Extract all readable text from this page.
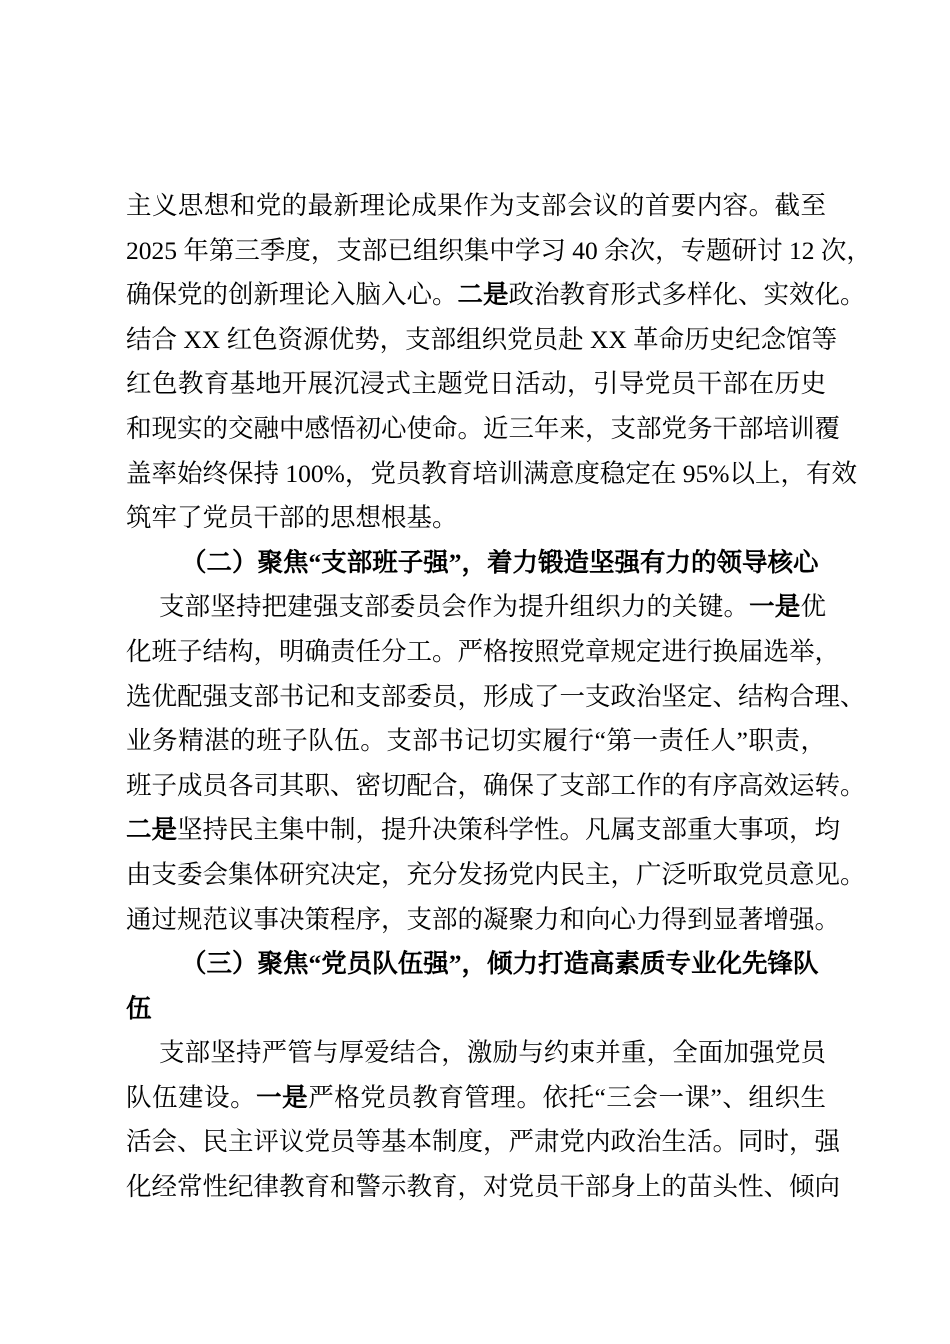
主义思想和党的最新理论成果作为支部会议的首要内容。截至
2025 年第三季度，支部已组织集中学习 40 余次，专题研讨 12 次，
确保党的创新理论入脑入心。二是政治教育形式多样化、实效化。
结合 XX 红色资源优势，支部组织党员赴 XX 革命历史纪念馆等
红色教育基地开展沉浸式主题党日活动，引导党员干部在历史
和现实的交融中感悟初心使命。近三年来，支部党务干部培训覆
盖率始终保持 100%，党员教育培训满意度稳定在 95%以上，有效
筑牢了党员干部的思想根基。
（二）聚焦“支部班子强”，着力锻造坚强有力的领导核心
支部坚持把建强支部委员会作为提升组织力的关键。一是优
化班子结构，明确责任分工。严格按照党章规定进行换届选举，
选优配强支部书记和支部委员，形成了一支政治坚定、结构合理、
业务精湛的班子队伍。支部书记切实履行“第一责任人”职责，
班子成员各司其职、密切配合，确保了支部工作的有序高效运转。
二是坚持民主集中制，提升决策科学性。凡属支部重大事项，均
由支委会集体研究决定，充分发扬党内民主，广泛听取党员意见。
通过规范议事决策程序，支部的凝聚力和向心力得到显著增强。
（三）聚焦“党员队伍强”，倾力打造高素质专业化先锋队
伍
支部坚持严管与厚爱结合，激励与约束并重，全面加强党员
队伍建设。一是严格党员教育管理。依托“三会一课”、组织生
活会、民主评议党员等基本制度，严肃党内政治生活。同时，强
化经常性纪律教育和警示教育，对党员干部身上的苗头性、倾向
